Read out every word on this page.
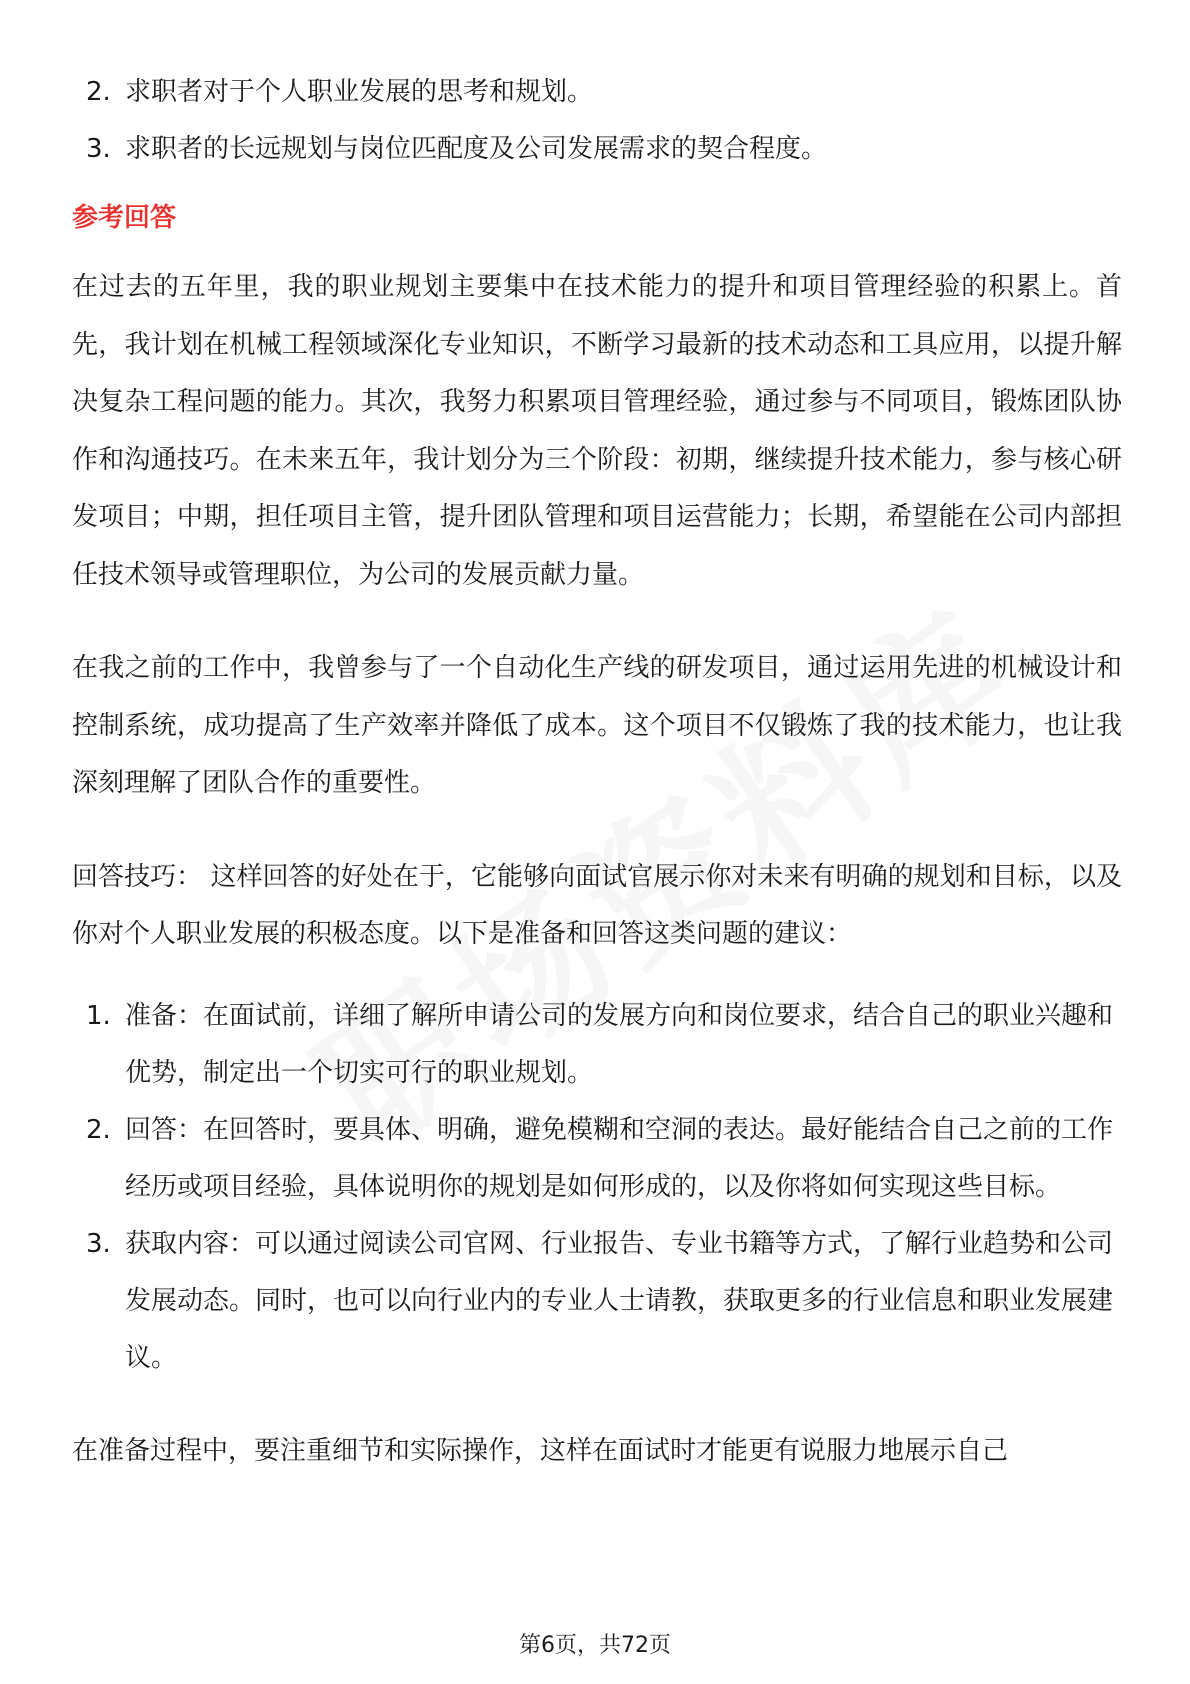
2. 求职者对于个人职业发展的思考和规划。
3. 求职者的长远规划与岗位匹配度及公司发展需求的契合程度。
参考回答

在过去的五年里，我的职业规划主要集中在技术能力的提升和项目管理经验的积累上。首先，我计划在机械工程领域深化专业知识，不断学习最新的技术动态和工具应用，以提升解决复杂工程问题的能力。其次，我努力积累项目管理经验，通过参与不同项目，锻炼团队协作和沟通技巧。在未来五年，我计划分为三个阶段：初期，继续提升技术能力，参与核心研发项目；中期，担任项目主管，提升团队管理和项目运营能力；长期，希望能在公司内部担任技术领导或管理职位，为公司的发展贡献力量。

在我之前的工作中，我曾参与了一个自动化生产线的研发项目，通过运用先进的机械设计和控制系统，成功提高了生产效率并降低了成本。这个项目不仅锻炼了我的技术能力，也让我深刻理解了团队合作的重要性。

回答技巧： 这样回答的好处在于，它能够向面试官展示你对未来有明确的规划和目标，以及你对个人职业发展的积极态度。以下是准备和回答这类问题的建议：

1. 准备：在面试前，详细了解所申请公司的发展方向和岗位要求，结合自己的职业兴趣和优势，制定出一个切实可行的职业规划。
2. 回答：在回答时，要具体、明确，避免模糊和空洞的表达。最好能结合自己之前的工作经历或项目经验，具体说明你的规划是如何形成的，以及你将如何实现这些目标。
3. 获取内容：可以通过阅读公司官网、行业报告、专业书籍等方式，了解行业趋势和公司发展动态。同时，也可以向行业内的专业人士请教，获取更多的行业信息和职业发展建议。

在准备过程中，要注重细节和实际操作，这样在面试时才能更有说服力地展示自己

第6页，共72页
